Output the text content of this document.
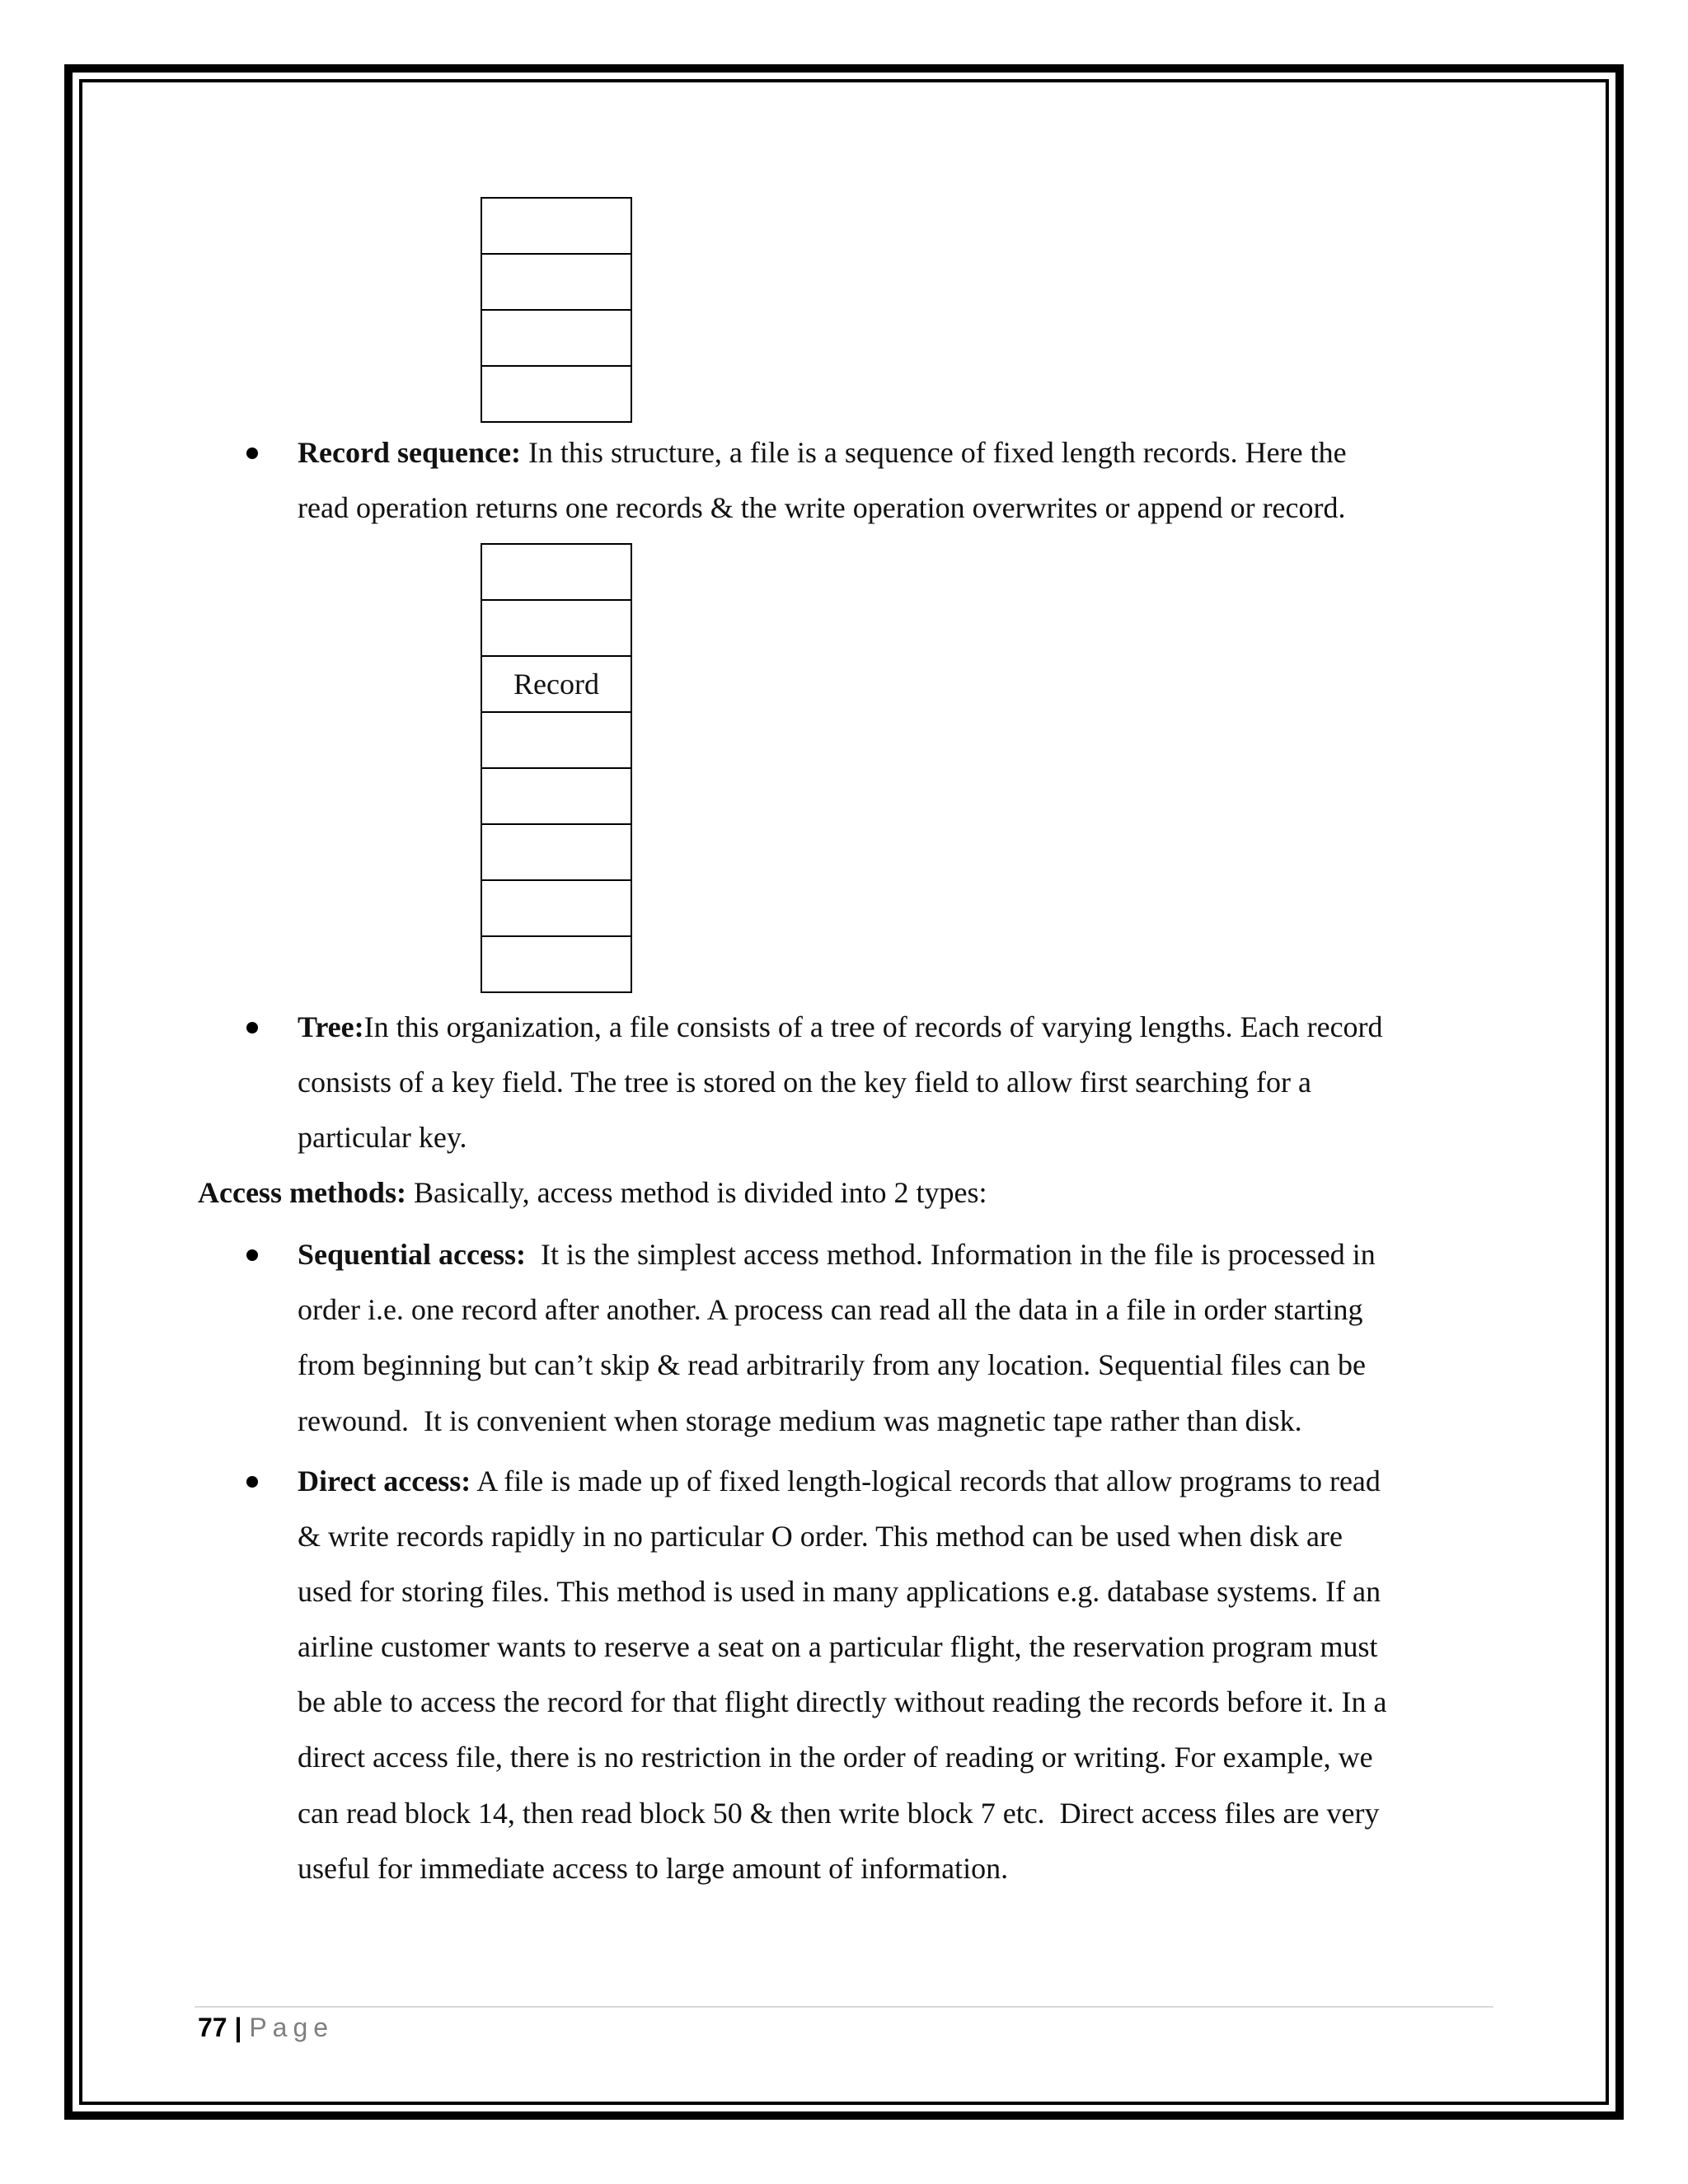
Record sequence: In this structure, a file is a sequence of fixed length records. Here the

read operation returns one records & the write operation overwrites or append or record.

Record

Tree:In this organization, a file consists of a tree of records of varying lengths. Each record

consists of a key field. The tree is stored on the key field to allow first searching for a

particular key.

Access methods: Basically, access method is divided into 2 types:

Sequential access:  It is the simplest access method. Information in the file is processed in

order i.e. one record after another. A process can read all the data in a file in order starting

from beginning but can’t skip & read arbitrarily from any location. Sequential files can be

rewound.  It is convenient when storage medium was magnetic tape rather than disk.

Direct access: A file is made up of fixed length-logical records that allow programs to read

& write records rapidly in no particular O order. This method can be used when disk are

used for storing files. This method is used in many applications e.g. database systems. If an

airline customer wants to reserve a seat on a particular flight, the reservation program must

be able to access the record for that flight directly without reading the records before it. In a

direct access file, there is no restriction in the order of reading or writing. For example, we

can read block 14, then read block 50 & then write block 7 etc.  Direct access files are very

useful for immediate access to large amount of information.

77 | Page
